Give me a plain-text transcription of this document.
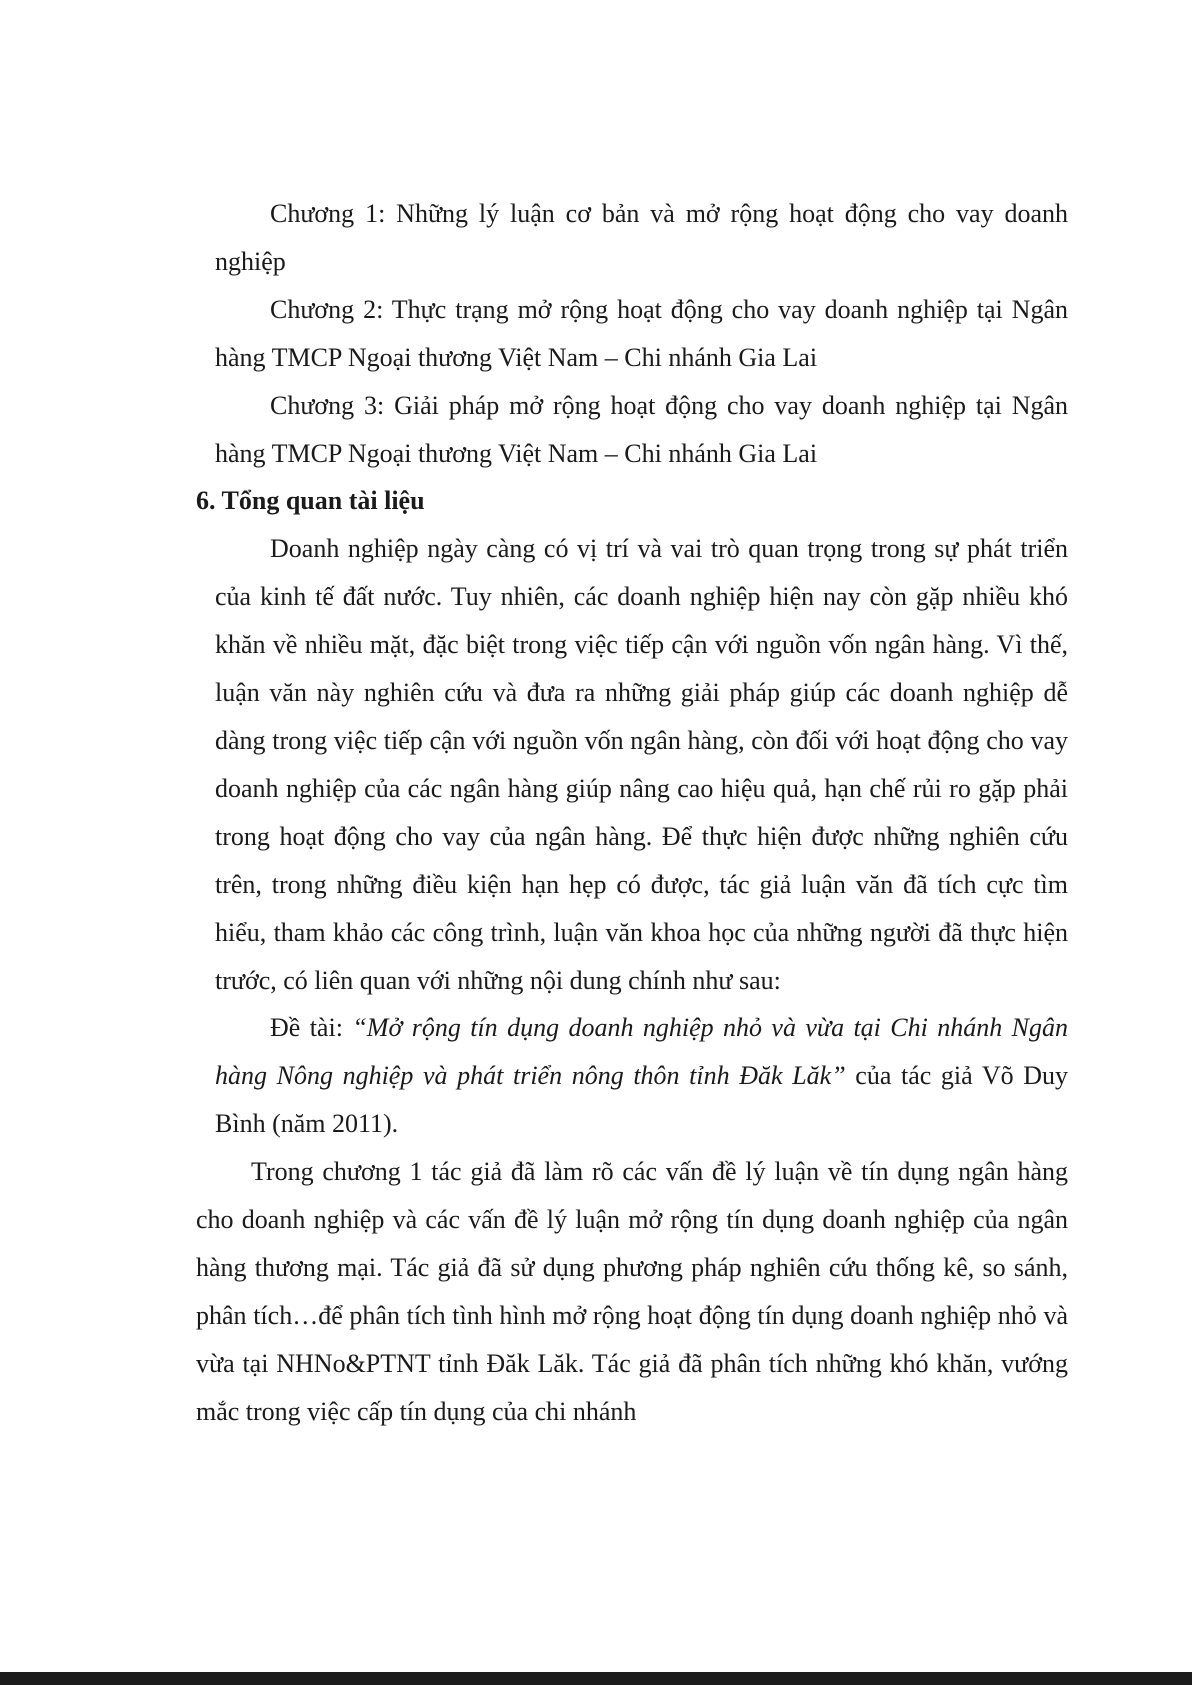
Chương 1: Những lý luận cơ bản và mở rộng hoạt động cho vay doanh nghiệp

Chương 2: Thực trạng mở rộng hoạt động cho vay doanh nghiệp tại Ngân hàng TMCP Ngoại thương Việt Nam – Chi nhánh Gia Lai

Chương 3: Giải pháp mở rộng hoạt động cho vay doanh nghiệp tại Ngân hàng TMCP Ngoại thương Việt Nam – Chi nhánh Gia Lai

6. Tổng quan tài liệu

Doanh nghiệp ngày càng có vị trí và vai trò quan trọng trong sự phát triển của kinh tế đất nước. Tuy nhiên, các doanh nghiệp hiện nay còn gặp nhiều khó khăn về nhiều mặt, đặc biệt trong việc tiếp cận với nguồn vốn ngân hàng. Vì thế, luận văn này nghiên cứu và đưa ra những giải pháp giúp các doanh nghiệp dễ dàng trong việc tiếp cận với nguồn vốn ngân hàng, còn đối với hoạt động cho vay doanh nghiệp của các ngân hàng giúp nâng cao hiệu quả, hạn chế rủi ro gặp phải trong hoạt động cho vay của ngân hàng. Để thực hiện được những nghiên cứu trên, trong những điều kiện hạn hẹp có được, tác giả luận văn đã tích cực tìm hiểu, tham khảo các công trình, luận văn khoa học của những người đã thực hiện trước, có liên quan với những nội dung chính như sau:

Đề tài: “Mở rộng tín dụng doanh nghiệp nhỏ và vừa tại Chi nhánh Ngân hàng Nông nghiệp và phát triển nông thôn tỉnh Đăk Lăk” của tác giả Võ Duy Bình (năm 2011).

Trong chương 1 tác giả đã làm rõ các vấn đề lý luận về tín dụng ngân hàng cho doanh nghiệp và các vấn đề lý luận mở rộng tín dụng doanh nghiệp của ngân hàng thương mại. Tác giả đã sử dụng phương pháp nghiên cứu thống kê, so sánh, phân tích…để phân tích tình hình mở rộng hoạt động tín dụng doanh nghiệp nhỏ và vừa tại NHNo&PTNT tỉnh Đăk Lăk. Tác giả đã phân tích những khó khăn, vướng mắc trong việc cấp tín dụng của chi nhánh
